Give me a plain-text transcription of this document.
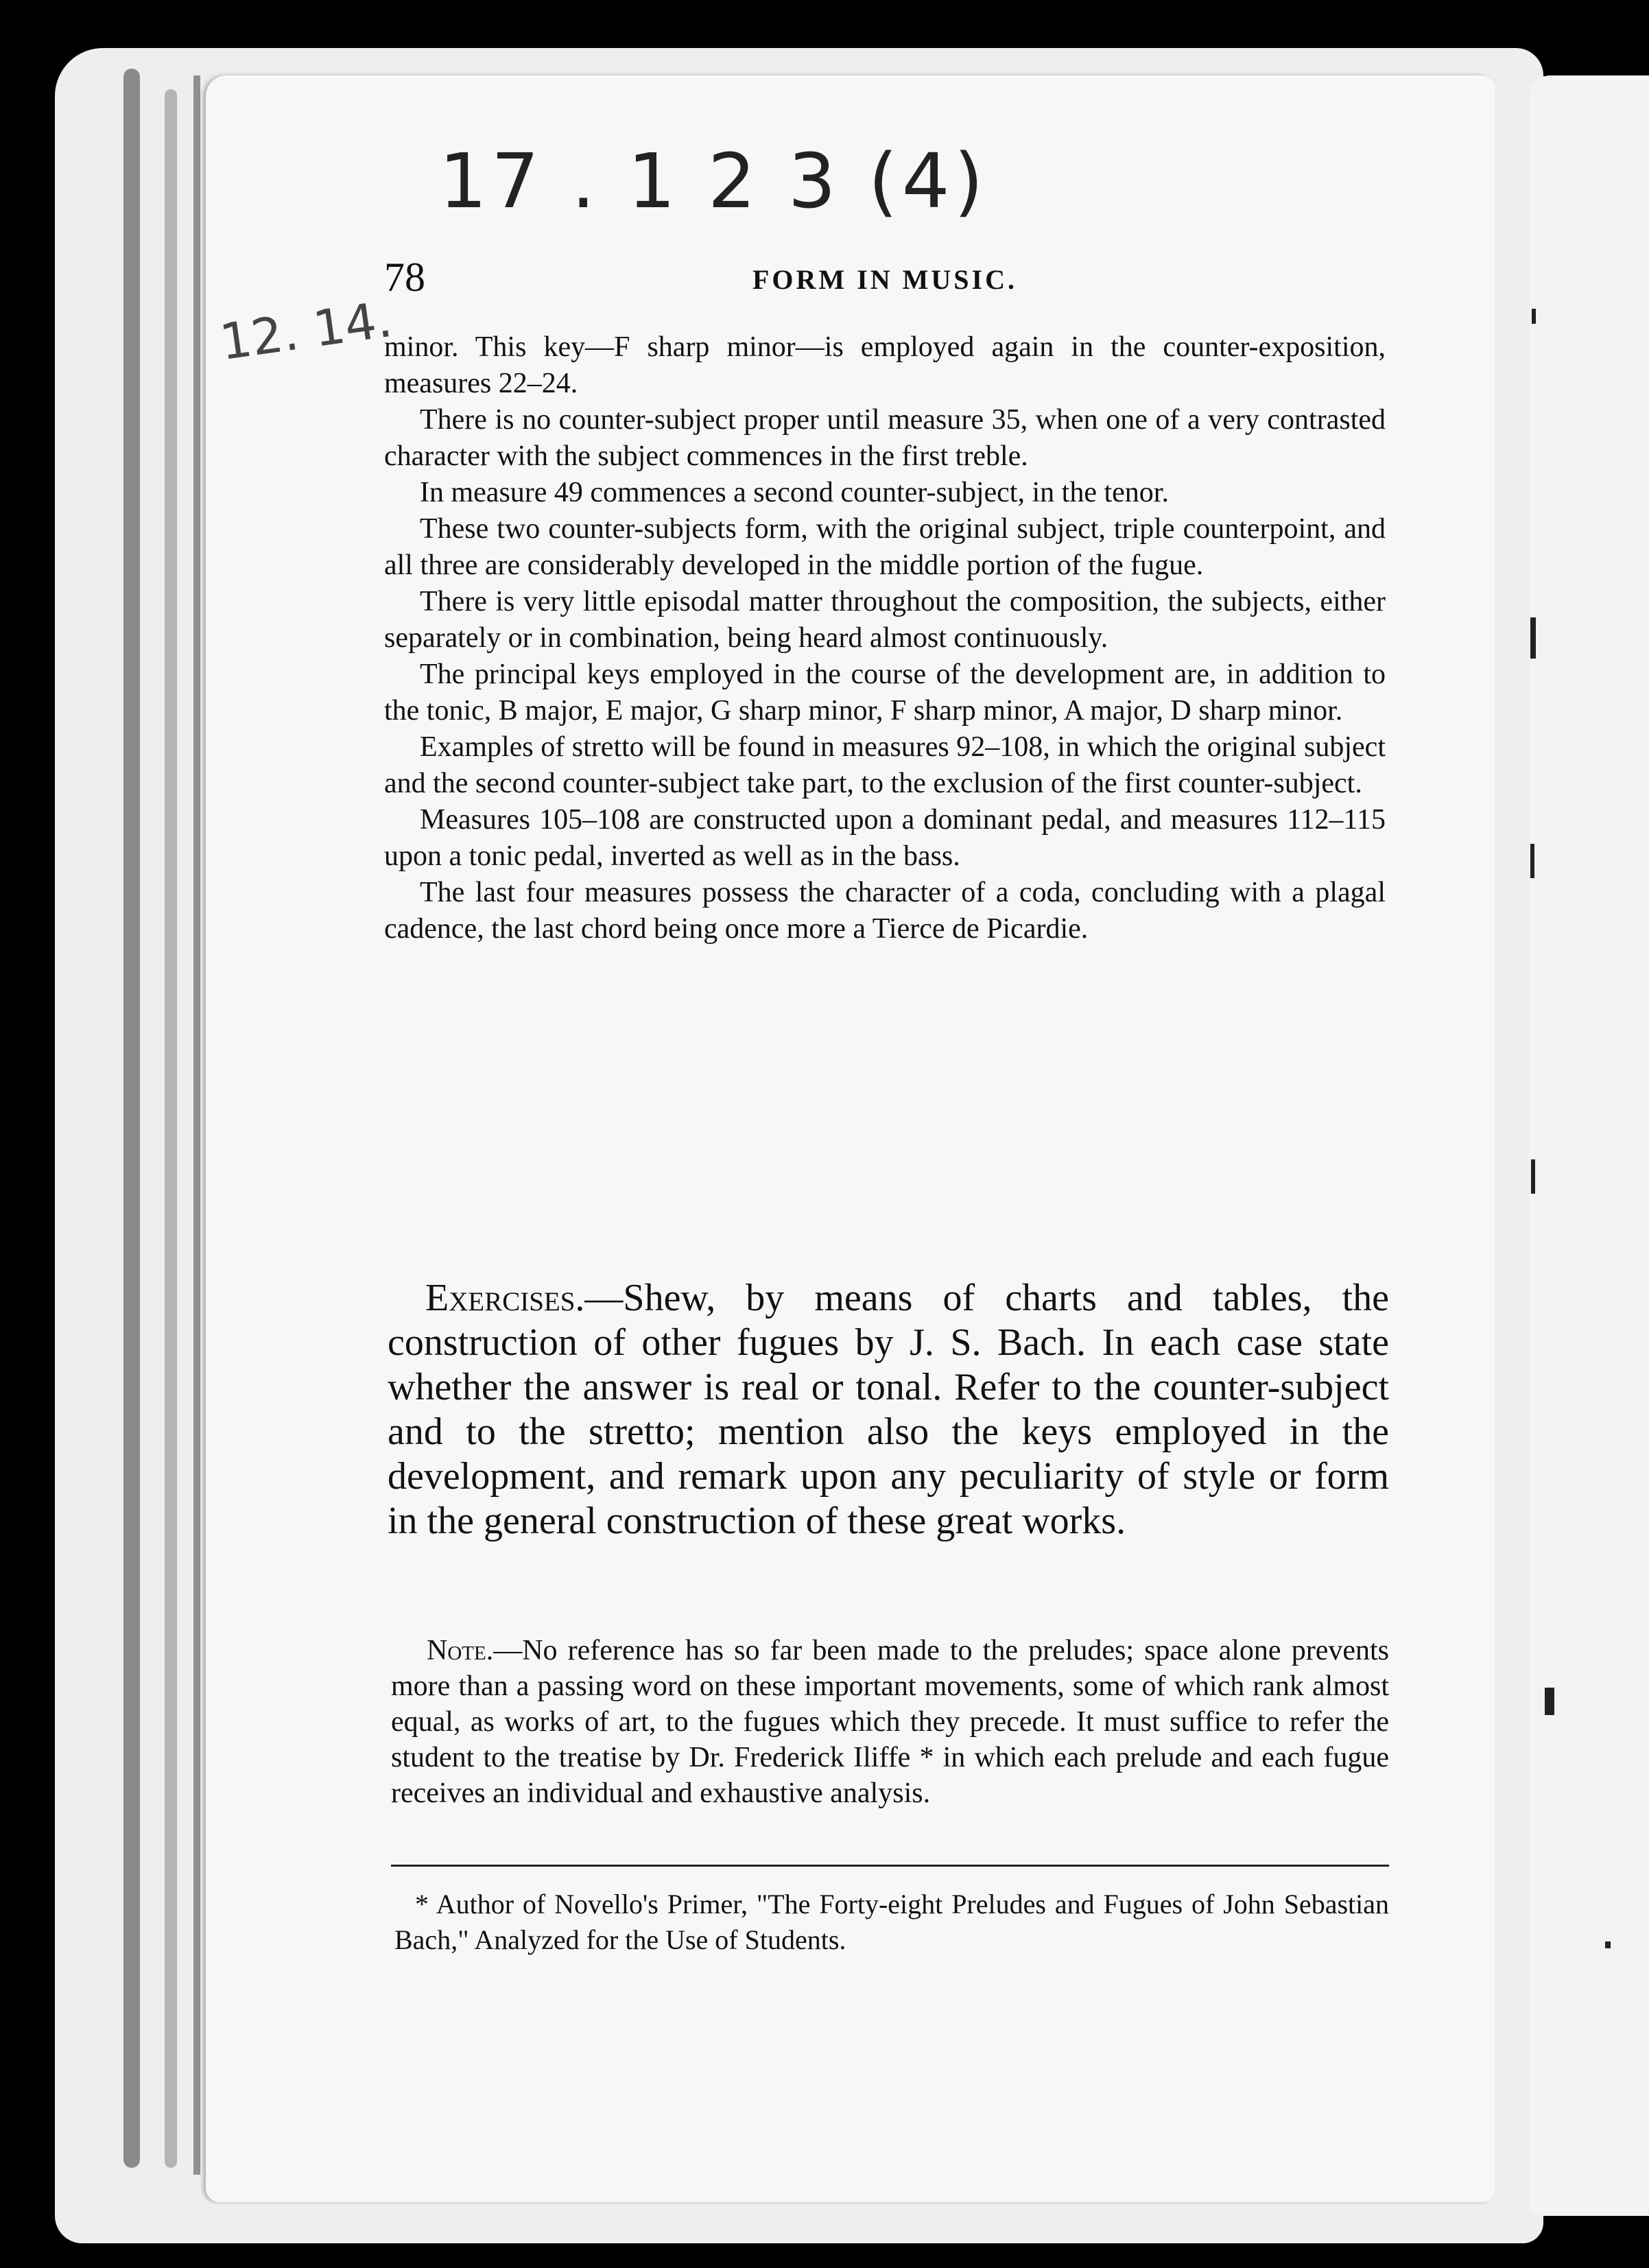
17 . 1 2 3 (4)
12. 14.
78	FORM IN MUSIC.

minor. This key—F sharp minor—is employed again in the counter-exposition, measures 22–24.

There is no counter-subject proper until measure 35, when one of a very contrasted character with the subject commences in the first treble.

In measure 49 commences a second counter-subject, in the tenor.

These two counter-subjects form, with the original subject, triple counterpoint, and all three are considerably developed in the middle portion of the fugue.

There is very little episodal matter throughout the composition, the subjects, either separately or in combination, being heard almost continuously.

The principal keys employed in the course of the development are, in addition to the tonic, B major, E major, G sharp minor, F sharp minor, A major, D sharp minor.

Examples of stretto will be found in measures 92–108, in which the original subject and the second counter-subject take part, to the exclusion of the first counter-subject.

Measures 105–108 are constructed upon a dominant pedal, and measures 112–115 upon a tonic pedal, inverted as well as in the bass.

The last four measures possess the character of a coda, concluding with a plagal cadence, the last chord being once more a Tierce de Picardie.

Exercises.—Shew, by means of charts and tables, the construction of other fugues by J. S. Bach. In each case state whether the answer is real or tonal. Refer to the counter-subject and to the stretto; mention also the keys employed in the development, and remark upon any peculiarity of style or form in the general construction of these great works.

Note.—No reference has so far been made to the preludes; space alone prevents more than a passing word on these important movements, some of which rank almost equal, as works of art, to the fugues which they precede. It must suffice to refer the student to the treatise by Dr. Frederick Iliffe * in which each prelude and each fugue receives an individual and exhaustive analysis.

* Author of Novello's Primer, "The Forty-eight Preludes and Fugues of John Sebastian Bach," Analyzed for the Use of Students.
